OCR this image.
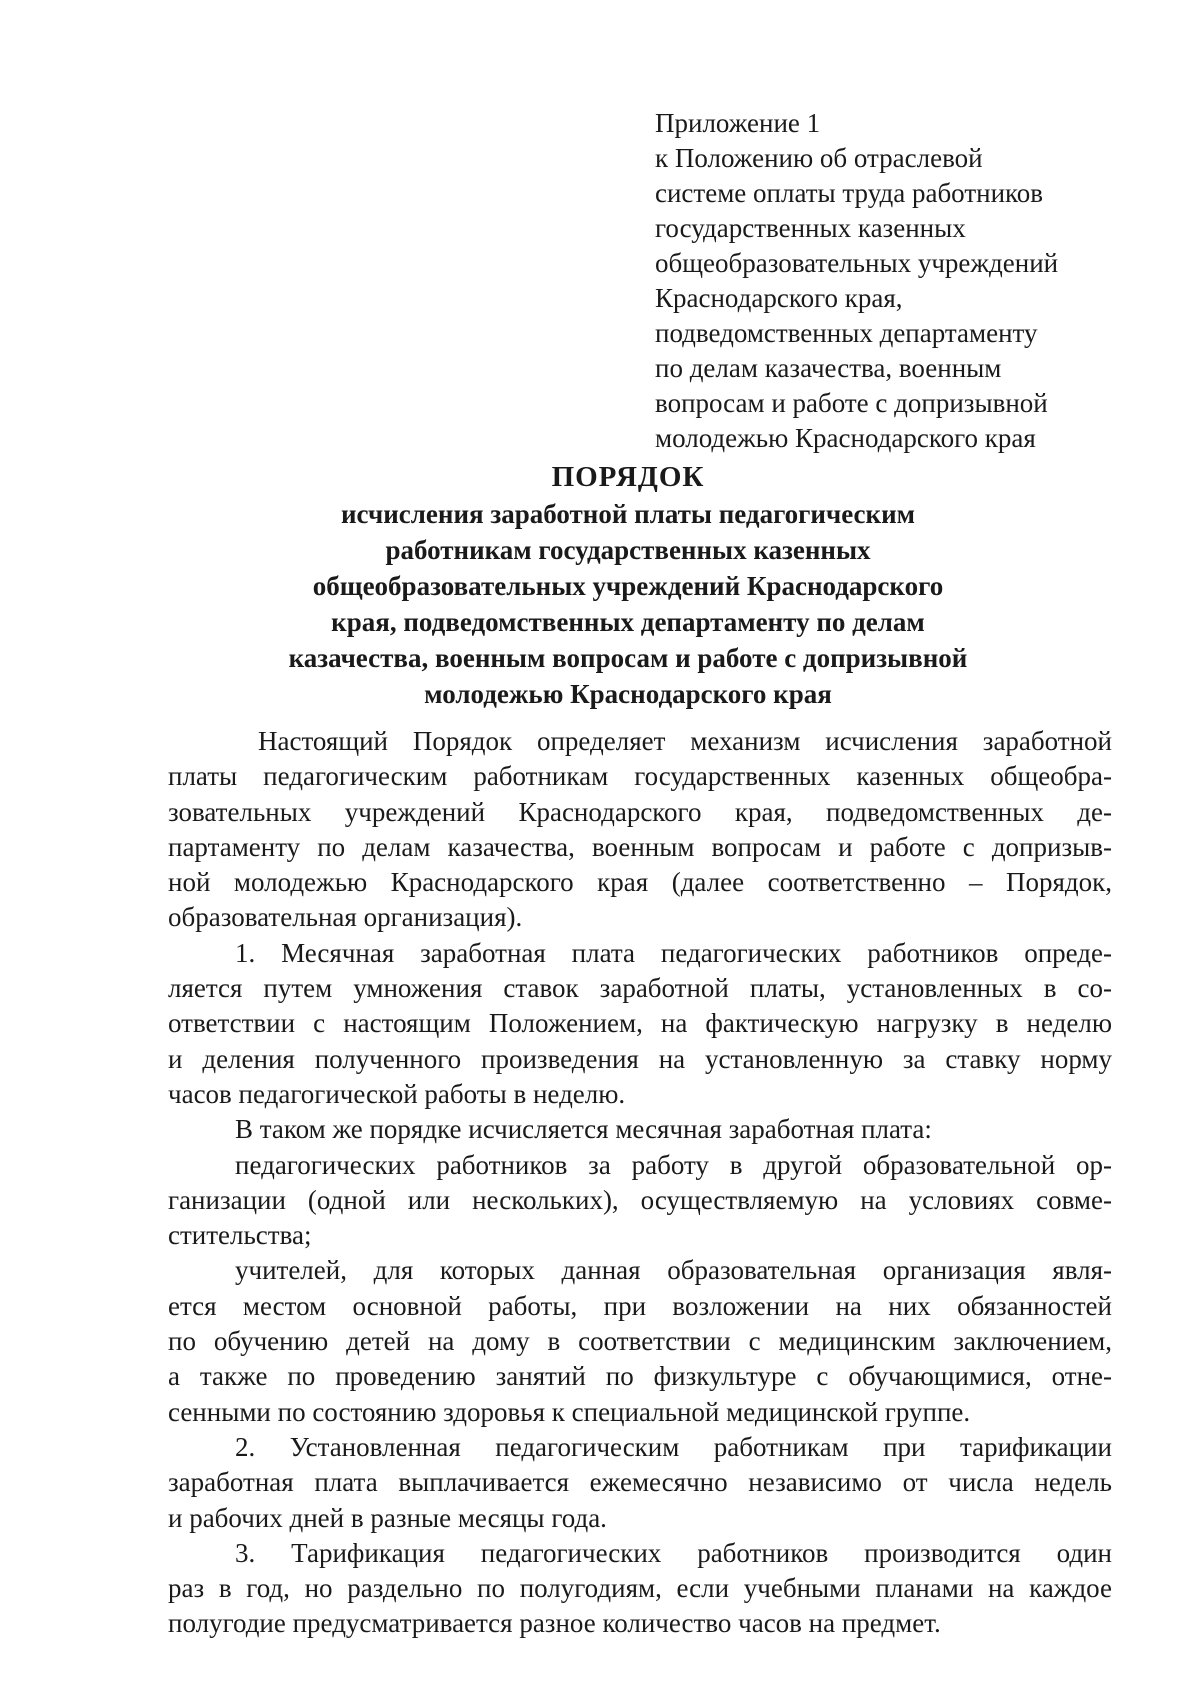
Приложение 1
к Положению об отраслевой
системе оплаты труда работников
государственных казенных
общеобразовательных учреждений
Краснодарского края,
подведомственных департаменту
по делам казачества, военным
вопросам и работе с допризывной
молодежью Краснодарского края
ПОРЯДОК
исчисления заработной платы педагогическим
работникам государственных казенных
общеобразовательных учреждений Краснодарского
края, подведомственных департаменту по делам
казачества, военным вопросам и работе с допризывной
молодежью Краснодарского края
Настоящий Порядок определяет механизм исчисления заработной
платы педагогическим работникам государственных казенных общеобра-
зовательных учреждений Краснодарского края, подведомственных де-
партаменту по делам казачества, военным вопросам и работе с допризыв-
ной молодежью Краснодарского края (далее соответственно – Порядок,
образовательная организация).
1. Месячная заработная плата педагогических работников опреде-
ляется путем умножения ставок заработной платы, установленных в со-
ответствии с настоящим Положением, на фактическую нагрузку в неделю
и деления полученного произведения на установленную за ставку норму
часов педагогической работы в неделю.
В таком же порядке исчисляется месячная заработная плата:
педагогических работников за работу в другой образовательной ор-
ганизации (одной или нескольких), осуществляемую на условиях совме-
стительства;
учителей, для которых данная образовательная организация явля-
ется местом основной работы, при возложении на них обязанностей
по обучению детей на дому в соответствии с медицинским заключением,
а также по проведению занятий по физкультуре с обучающимися, отне-
сенными по состоянию здоровья к специальной медицинской группе.
2. Установленная педагогическим работникам при тарификации
заработная плата выплачивается ежемесячно независимо от числа недель
и рабочих дней в разные месяцы года.
3. Тарификация педагогических работников производится один
раз в год, но раздельно по полугодиям, если учебными планами на каждое
полугодие предусматривается разное количество часов на предмет.
